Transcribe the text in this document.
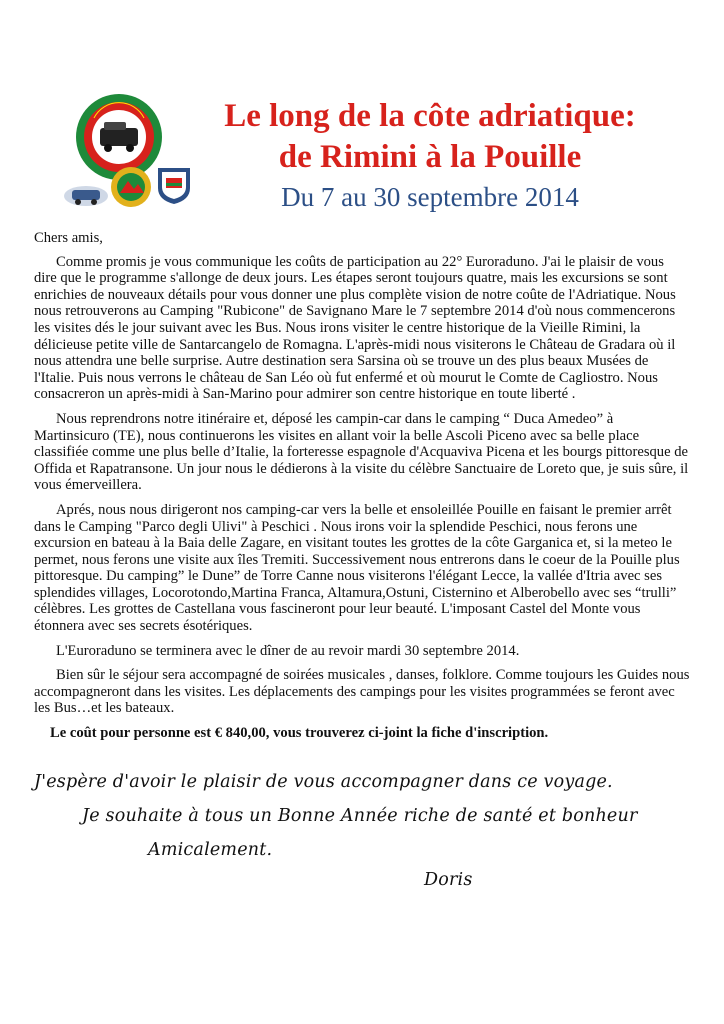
Le long de la côte adriatique:
de Rimini à la Pouille
Du 7 au 30 septembre 2014

Chers amis,

Comme promis je vous communique les coûts de participation au 22° Euroraduno. J'ai le plaisir de vous dire que le programme s'allonge de deux jours. Les étapes seront toujours quatre, mais les excursions se sont enrichies de nouveaux détails pour vous donner une plus complète vision de notre coûte de l'Adriatique. Nous nous retrouverons au Camping "Rubicone" de Savignano Mare le 7 septembre 2014 d'où nous commencerons les visites dés le jour suivant avec les Bus. Nous irons visiter le centre historique de la Vieille Rimini, la délicieuse petite ville de Santarcangelo de Romagna. L'après-midi nous visiterons le Château de Gradara où il nous attendra une belle surprise. Autre destination sera Sarsina où se trouve un des plus beaux Musées de l'Italie. Puis nous verrons le château de San Léo où fut enfermé et où mourut le Comte de Cagliostro. Nous consacreron un après-midi à San-Marino pour admirer son centre historique en toute liberté .

Nous reprendrons notre itinéraire et, déposé les campin-car dans le camping “ Duca Amedeo” à Martinsicuro (TE), nous continuerons les visites en allant voir la belle Ascoli Piceno avec sa belle place classifiée comme une plus belle d’Italie, la forteresse espagnole d'Acquaviva Picena et les bourgs pittoresque de Offida et Rapatransone. Un jour nous le dédierons à la visite du célèbre Sanctuaire de Loreto que, je suis sûre, il vous émerveillera.

Aprés, nous nous dirigeront nos camping-car vers la belle et ensoleillée Pouille en faisant le premier arrêt dans le Camping "Parco degli Ulivi" à Peschici . Nous irons voir la splendide Peschici, nous ferons une excursion en bateau à la Baia delle Zagare, en visitant toutes les grottes de la côte Garganica et, si la meteo le permet, nous ferons une visite aux îles Tremiti. Successivement nous entrerons dans le coeur de la Pouille plus pittoresque. Du camping” le Dune” de Torre Canne nous visiterons l'élégant Lecce, la vallée d'Itria avec ses splendides villages, Locorotondo,Martina Franca, Altamura,Ostuni, Cisternino et Alberobello avec ses “trulli” célèbres. Les grottes de Castellana vous fascineront pour leur beauté. L'imposant Castel del Monte vous étonnera avec ses secrets ésotériques.

L'Euroraduno se terminera avec le dîner de au revoir mardi 30 septembre 2014.

Bien sûr le séjour sera accompagné de soirées musicales , danses, folklore. Comme toujours les Guides nous accompagneront dans les visites. Les déplacements des campings pour les visites programmées se feront avec les Bus…et les bateaux.

Le coût pour personne est € 840,00, vous trouverez ci-joint la fiche d'inscription.

J'espère d'avoir le plaisir de vous accompagner dans ce voyage.
Je souhaite à tous un Bonne Année riche de santé et bonheur
Amicalement.
Doris
